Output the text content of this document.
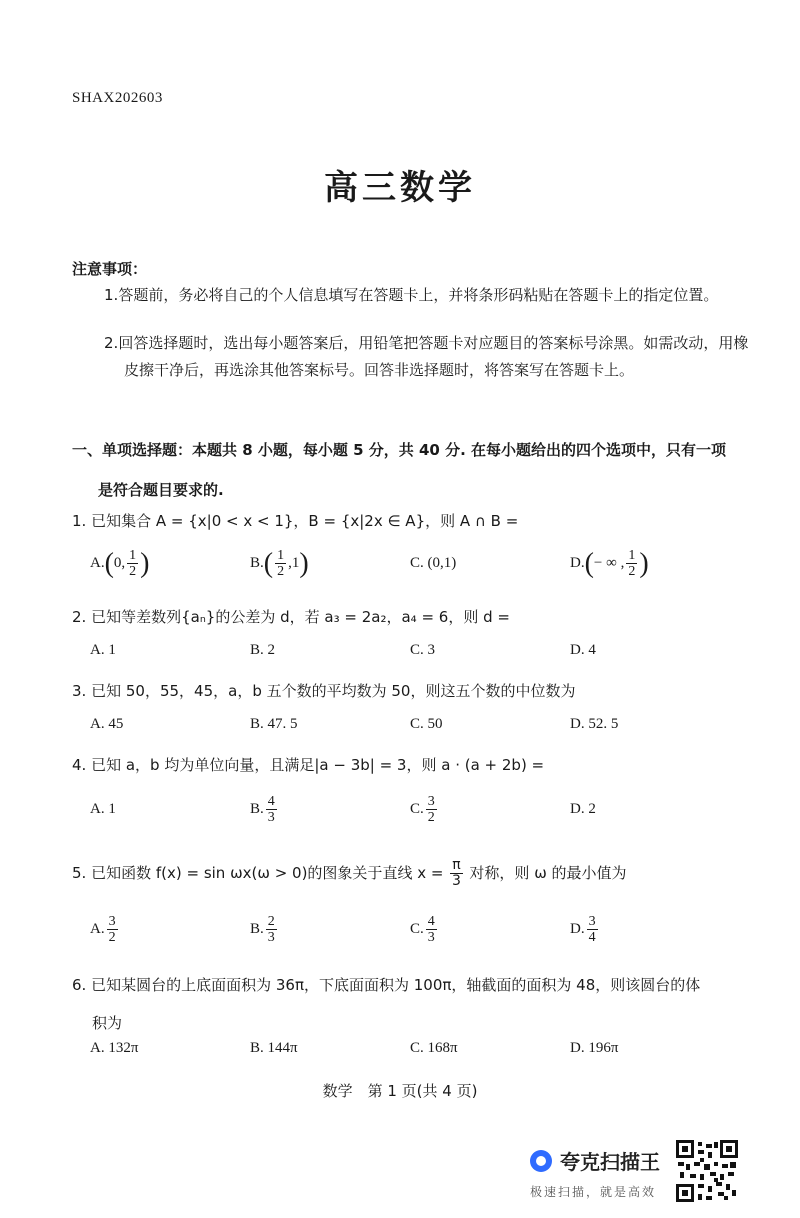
SHAX202603
高三数学
注意事项：
1.答题前，务必将自己的个人信息填写在答题卡上，并将条形码粘贴在答题卡上的指定位置。
2.回答选择题时，选出每小题答案后，用铅笔把答题卡对应题目的答案标号涂黑。如需改动，用橡皮擦干净后，再选涂其他答案标号。回答非选择题时，将答案写在答题卡上。
一、单项选择题：本题共 8 小题，每小题 5 分，共 40 分. 在每小题给出的四个选项中，只有一项
是符合题目要求的.
1. 已知集合 A = {x|0 < x < 1}，B = {x|2x ∈ A}，则 A ∩ B =
A. ( 0, $\frac{1}{2}$ )	B. ( $\frac{1}{2} ,1$ )	C. (0,1)	D. ( − ∞ , $\frac{1}{2}$ )
2. 已知等差数列{aₙ}的公差为 d，若 a₃ = 2a₂，a₄ = 6，则 d =
A. 1	B. 2	C. 3	D. 4
3. 已知 50，55，45，a，b 五个数的平均数为 50，则这五个数的中位数为
A. 45	B. 47. 5	C. 50	D. 52. 5
4. 已知 a，b 均为单位向量，且满足|a − 3b| = 3，则 a · (a + 2b) =
A. 1	B. $\frac{4}{3}$	C. $\frac{3}{2}$	D. 2
5. 已知函数 f(x) = sin ωx(ω > 0)的图象关于直线 $x = \frac{\pi}{3}$ 对称，则 ω 的最小值为
A. $\frac{3}{2}$	B. $\frac{2}{3}$	C. $\frac{4}{3}$	D. $\frac{3}{4}$
6. 已知某圆台的上底面面积为 36π，下底面面积为 100π，轴截面的面积为 48，则该圆台的体
积为
A. 132π	B. 144π	C. 168π	D. 196π
数学　第 1 页(共 4 页)
夸克扫描王
极速扫描，就是高效
